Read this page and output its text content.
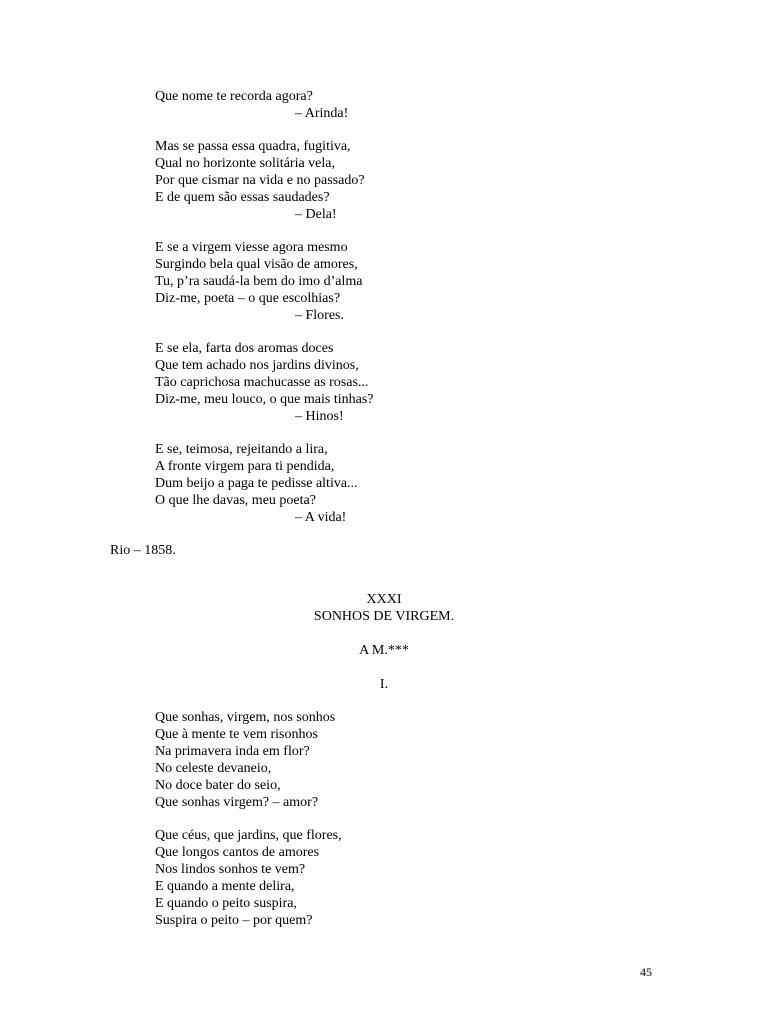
Que nome te recorda agora?
– Arinda!
Mas se passa essa quadra, fugitiva,
Qual no horizonte solitária vela,
Por que cismar na vida e no passado?
E de quem são essas saudades?
– Dela!
E se a virgem viesse agora mesmo
Surgindo bela qual visão de amores,
Tu, p’ra saudá-la bem do imo d’alma
Diz-me, poeta – o que escolhias?
– Flores.
E se ela, farta dos aromas doces
Que tem achado nos jardins divinos,
Tão caprichosa machucasse as rosas...
Diz-me, meu louco, o que mais tinhas?
– Hinos!
E se, teimosa, rejeitando a lira,
A fronte virgem para ti pendida,
Dum beijo a paga te pedisse altiva...
O que lhe davas, meu poeta?
– A vida!
Rio – 1858.
XXXI
SONHOS DE VIRGEM.
A M.***
I.
Que sonhas, virgem, nos sonhos
Que à mente te vem risonhos
Na primavera inda em flor?
No celeste devaneio,
No doce bater do seio,
Que sonhas virgem? – amor?
Que céus, que jardins, que flores,
Que longos cantos de amores
Nos lindos sonhos te vem?
E quando a mente delira,
E quando o peito suspira,
Suspira o peito – por quem?
45
